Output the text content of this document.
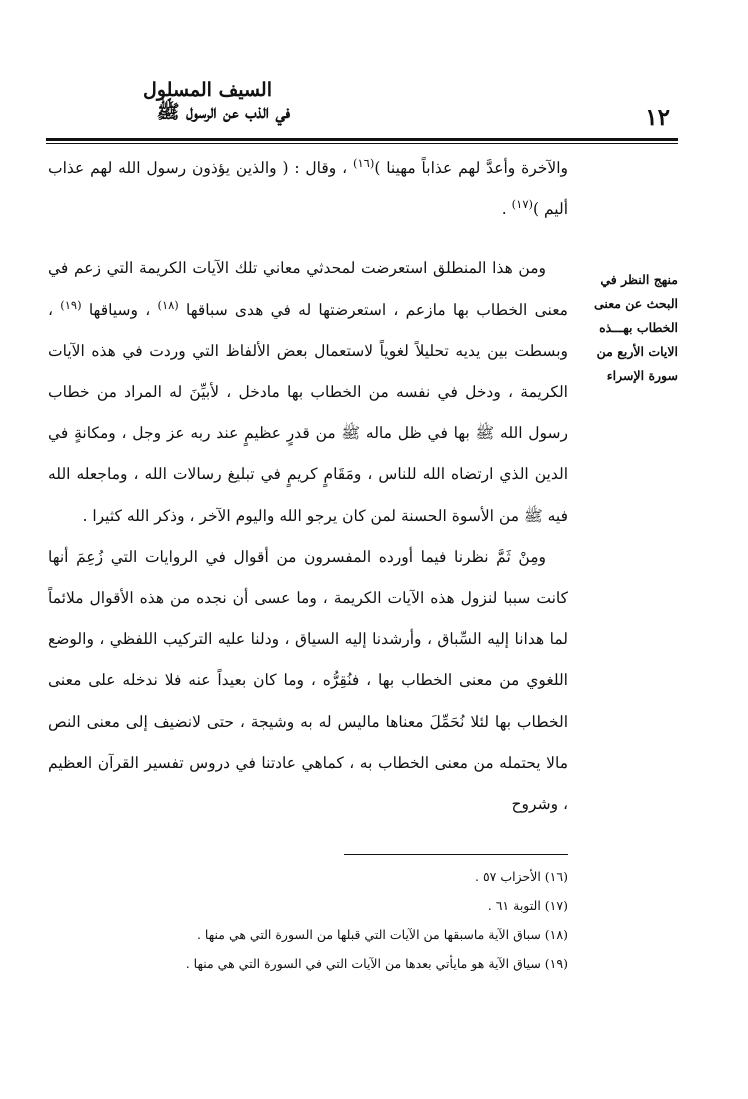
١٢
السيف المسلول
في الذب عن الرسول ﷺ

والآخرة وأعدَّ لهم عذاباً مهينا )$^{(١٦)}$ ، وقال : ( والذين يؤذون رسول الله لهم عذاب أليم )$^{(١٧)}$ .

ومن هذا المنطلق استعرضت لمحدثي معاني تلك الآيات الكريمة التي زعم في معنى الخطاب بها مازعم ، استعرضتها له في هدى سباقها $^{(١٨)}$ ، وسياقها $^{(١٩)}$ ، وبسطت بين يديه تحليلاً لغوياً لاستعمال بعض الألفاظ التي وردت في هذه الآيات الكريمة ، ودخل في نفسه من الخطاب بها مادخل ، لأبيِّنَ له المراد من خطاب رسول الله ﷺ بها في ظل ماله ﷺ من قدرٍ عظيمٍ عند ربه عز وجل ، ومكانةٍ في الدين الذي ارتضاه الله للناس ، ومَقَامٍ كريمٍ في تبليغ رسالات الله ، وماجعله الله فيه ﷺ من الأسوة الحسنة لمن كان يرجو الله واليوم الآخر ، وذكر الله كثيرا .

ومِنْ ثَمَّ نظرنا فيما أورده المفسرون من أقوال في الروايات التي زُعِمَ أنها كانت سببا لنزول هذه الآيات الكريمة ، وما عسى أن نجده من هذه الأقوال ملائماً لما هدانا إليه السِّباق ، وأرشدنا إليه السياق ، ودلنا عليه التركيب اللفظي ، والوضع اللغوي من معنى الخطاب بها ، فنُقِرُّه ، وما كان بعيداً عنه فلا ندخله على معنى الخطاب بها لئلا نُحَمِّلَ معناها ماليس له به وشيجة ، حتى لانضيف إلى معنى النص مالا يحتمله من معنى الخطاب به ، كماهي عادتنا في دروس تفسير القرآن العظيم ، وشروح

منهج النظر في

البحث عن معنى

الخطاب بهـــذه

الايات الأربع من

سورة الإسراء

(١٦) الأحزاب ٥٧ .

(١٧) التوبة ٦١ .

(١٨) سباق الآية ماسبقها من الآيات التي قبلها من السورة التي هي منها .

(١٩) سياق الآية هو مايأتي بعدها من الآيات التي في السورة التي هي منها .
